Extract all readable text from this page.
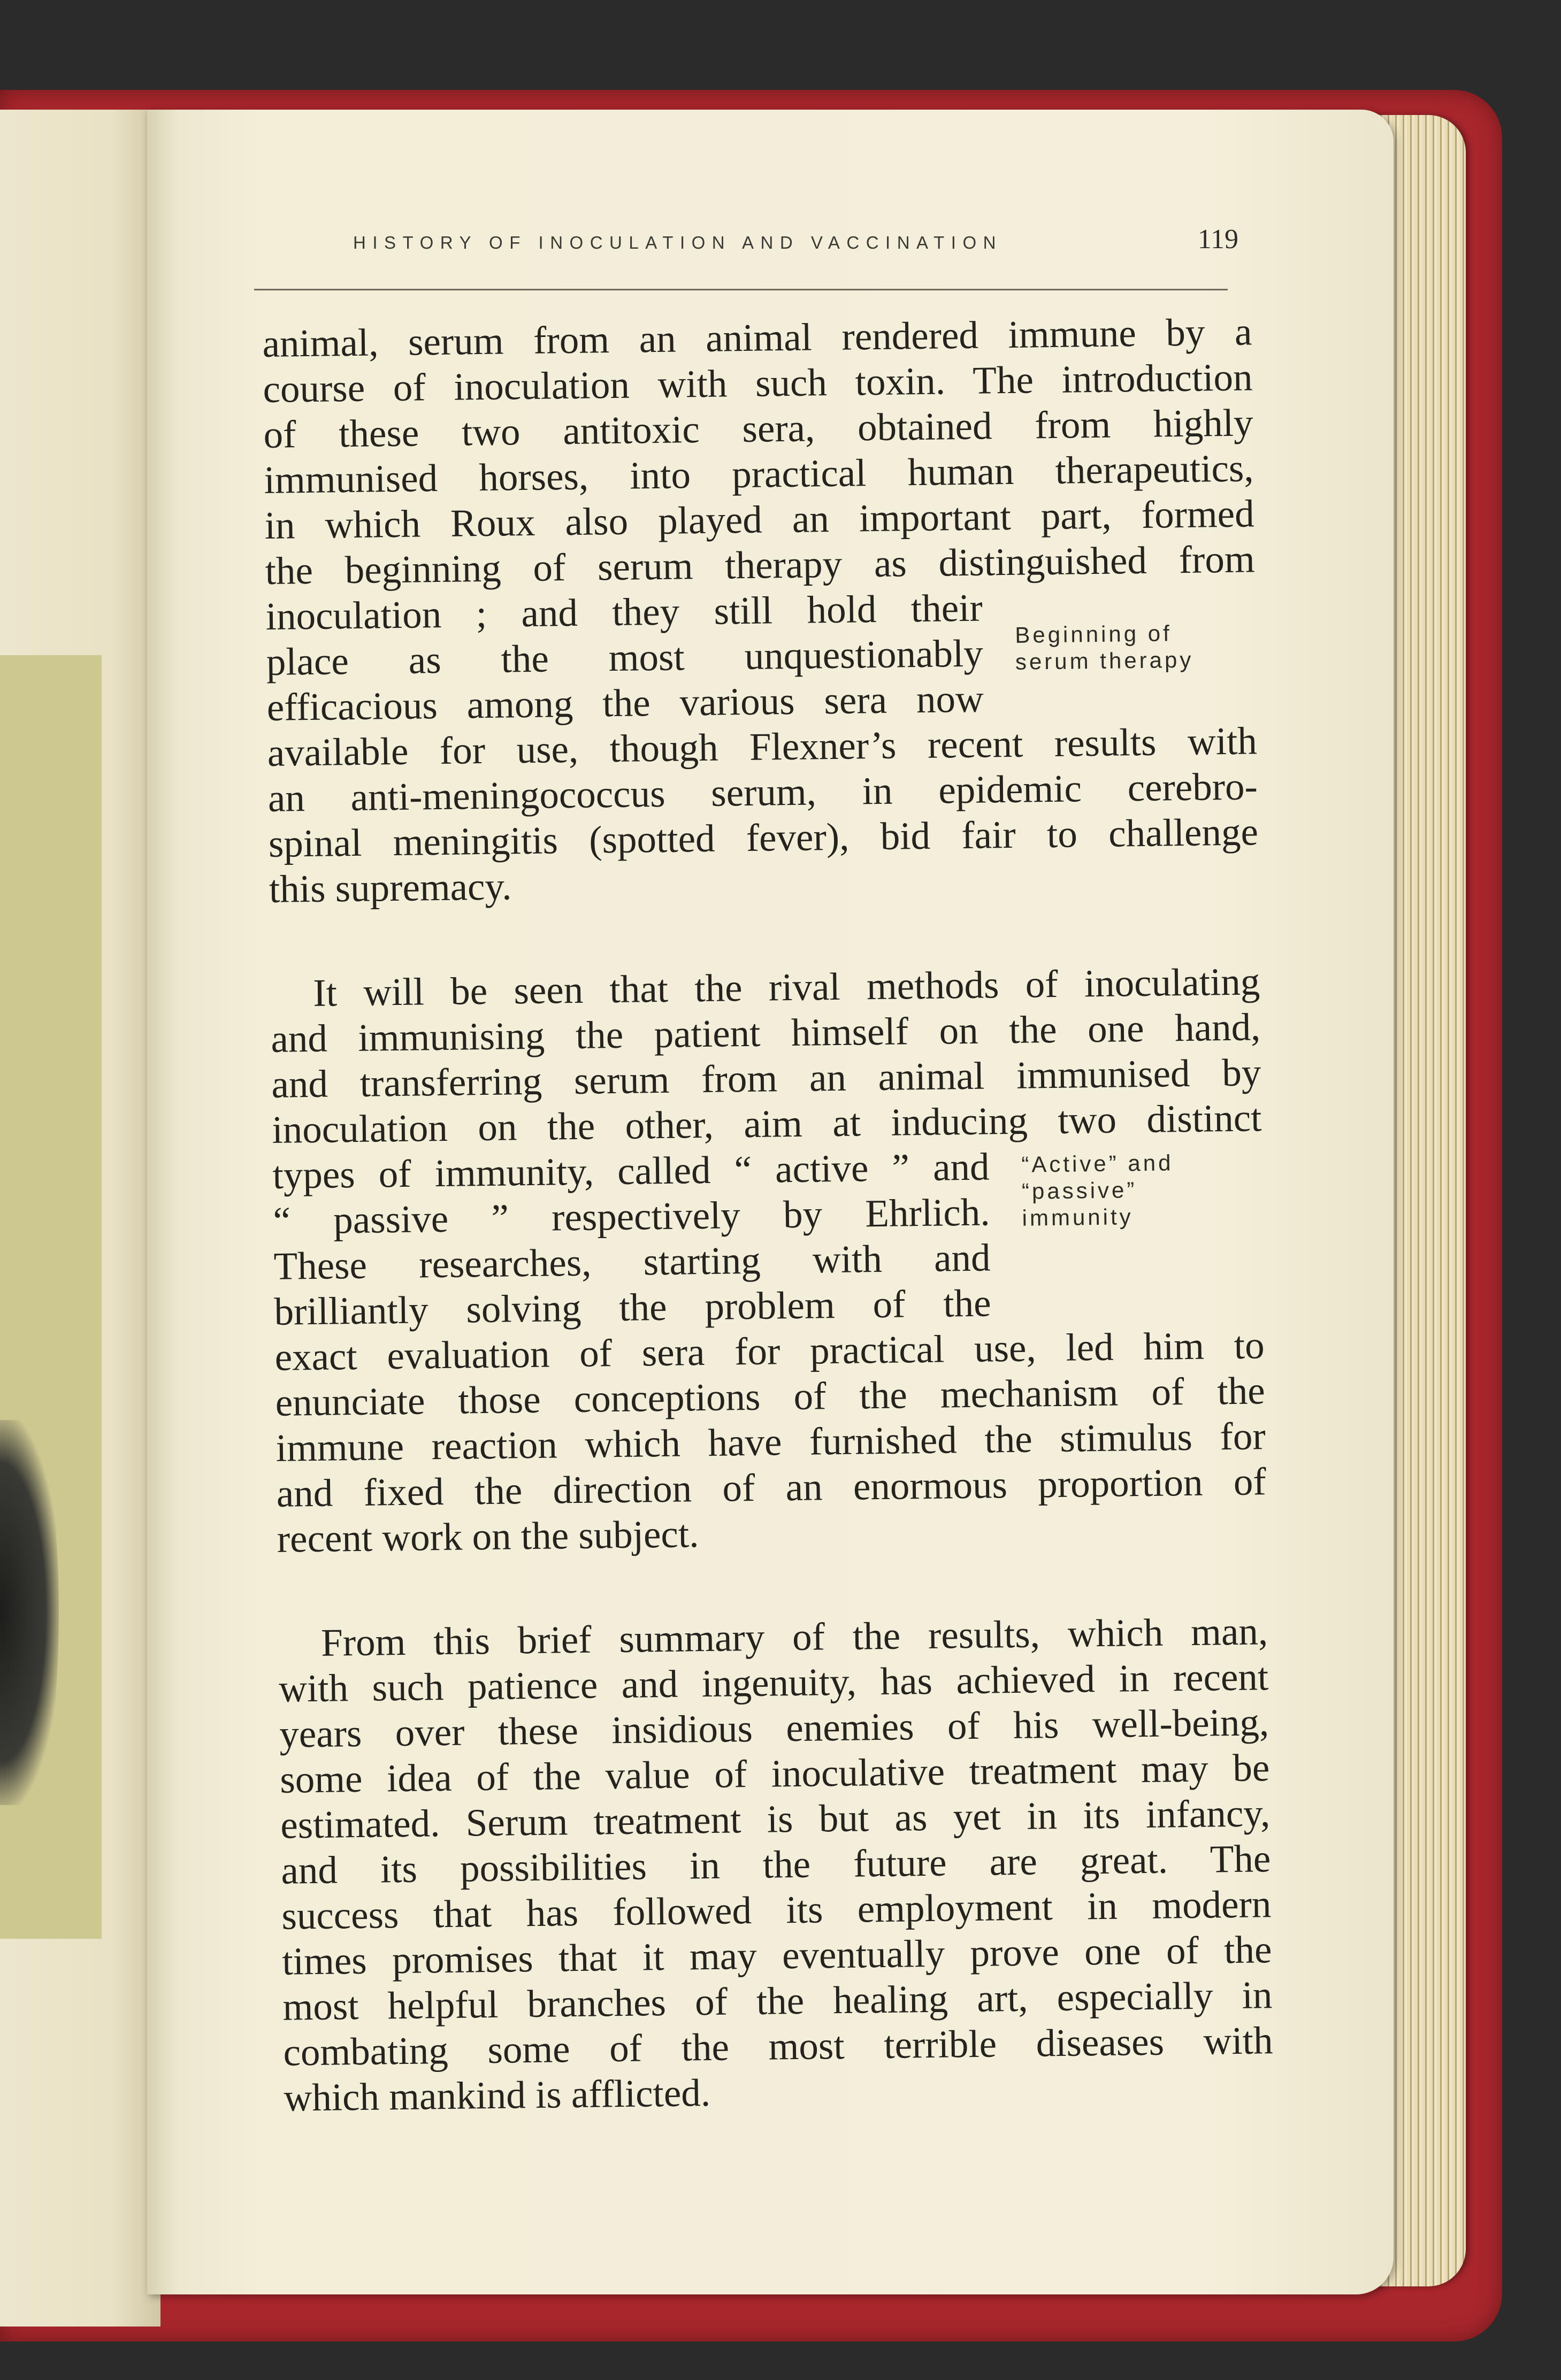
HISTORY OF INOCULATION AND VACCINATION	119
animal, serum from an animal rendered immune by a
course of inoculation with such toxin. The introduction
of these two antitoxic sera, obtained from highly
immunised horses, into practical human therapeutics,
in which Roux also played an important part, formed
the beginning of serum therapy as distinguished from
inoculation ; and they still hold their
place as the most unquestionably
efficacious among the various sera now
available for use, though Flexner’s recent results with
an anti-meningococcus serum, in epidemic cerebro-
spinal meningitis (spotted fever), bid fair to challenge
this supremacy.
It will be seen that the rival methods of inoculating
and immunising the patient himself on the one hand,
and transferring serum from an animal immunised by
inoculation on the other, aim at inducing two distinct
types of immunity, called “ active ” and
“ passive ” respectively by Ehrlich.
These researches, starting with and
brilliantly solving the problem of the
exact evaluation of sera for practical use, led him to
enunciate those conceptions of the mechanism of the
immune reaction which have furnished the stimulus for
and fixed the direction of an enormous proportion of
recent work on the subject.
From this brief summary of the results, which man,
with such patience and ingenuity, has achieved in recent
years over these insidious enemies of his well-being,
some idea of the value of inoculative treatment may be
estimated. Serum treatment is but as yet in its infancy,
and its possibilities in the future are great. The
success that has followed its employment in modern
times promises that it may eventually prove one of the
most helpful branches of the healing art, especially in
combating some of the most terrible diseases with
which mankind is afflicted.
Beginning of
serum therapy
“Active” and
“passive”
immunity
